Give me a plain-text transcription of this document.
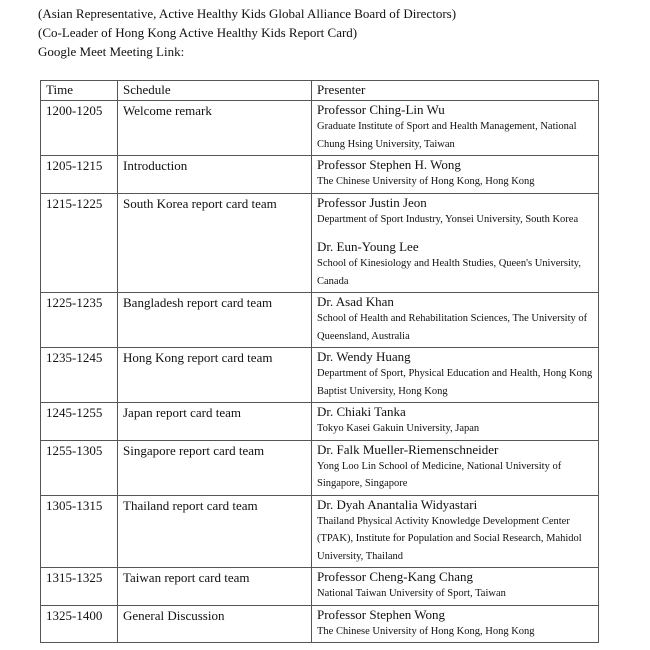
(Asian Representative, Active Healthy Kids Global Alliance Board of Directors)
(Co-Leader of Hong Kong Active Healthy Kids Report Card)
Google Meet Meeting Link:
Time	Schedule	Presenter
1200-1205	Welcome remark	Professor Ching-Lin Wu
Graduate Institute of Sport and Health Management, National Chung Hsing University, Taiwan

1205-1215	Introduction	Professor Stephen H. Wong
The Chinese University of Hong Kong, Hong Kong

1215-1225	South Korea report card team	Professor Justin Jeon
Department of Sport Industry, Yonsei University, South Korea
Dr. Eun-Young Lee
School of Kinesiology and Health Studies, Queen's University, Canada

1225-1235	Bangladesh report card team	Dr. Asad Khan
School of Health and Rehabilitation Sciences, The University of Queensland, Australia

1235-1245	Hong Kong report card team	Dr. Wendy Huang
Department of Sport, Physical Education and Health, Hong Kong Baptist University, Hong Kong

1245-1255	Japan report card team	Dr. Chiaki Tanka
Tokyo Kasei Gakuin University, Japan

1255-1305	Singapore report card team	Dr. Falk Mueller-Riemenschneider
Yong Loo Lin School of Medicine, National University of Singapore, Singapore

1305-1315	Thailand report card team	Dr. Dyah Anantalia Widyastari
Thailand Physical Activity Knowledge Development Center (TPAK), Institute for Population and Social Research, Mahidol University, Thailand

1315-1325	Taiwan report card team	Professor Cheng-Kang Chang
National Taiwan University of Sport, Taiwan

1325-1400	General Discussion	Professor Stephen Wong
The Chinese University of Hong Kong, Hong Kong
